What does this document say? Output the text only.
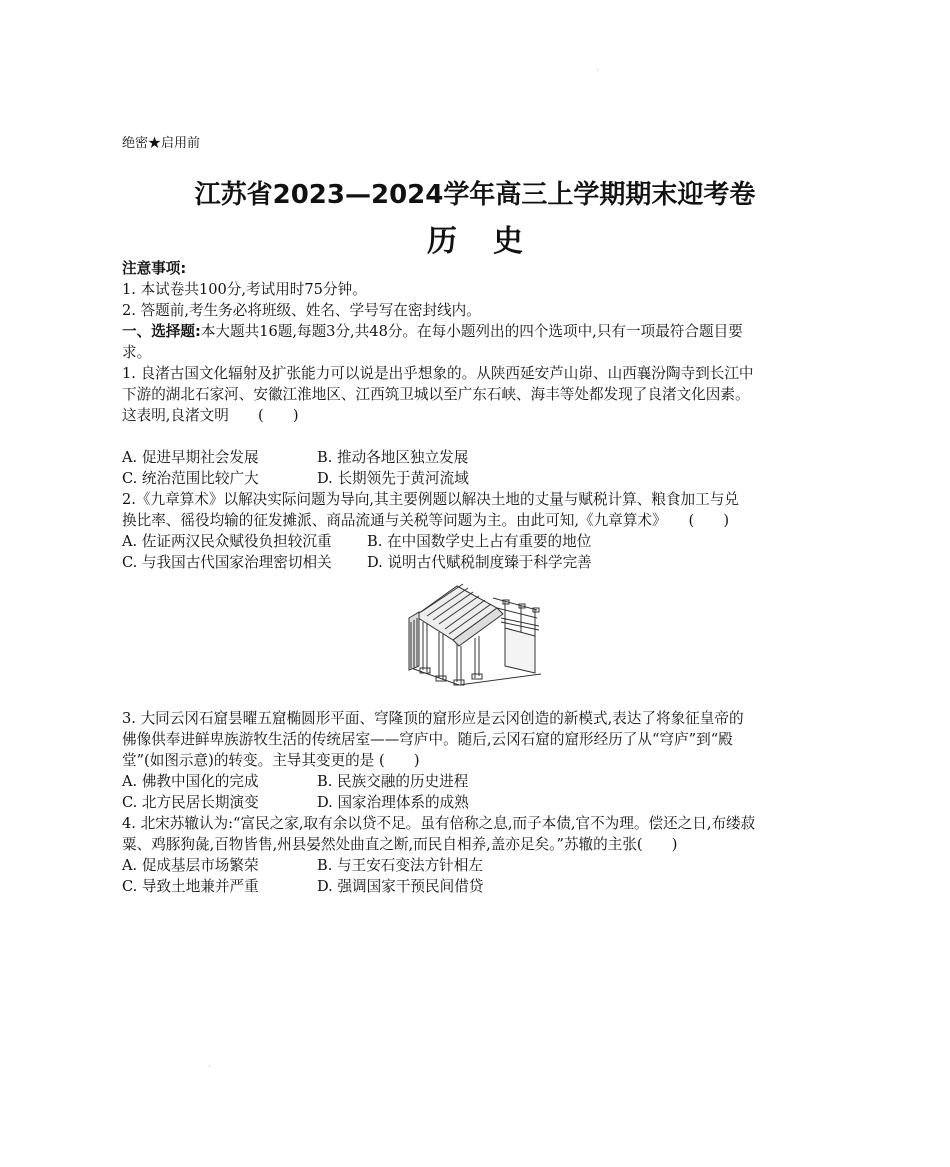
·
·
绝密★启用前
江苏省2023—2024学年高三上学期期末迎考卷
历史
注意事项:
1. 本试卷共100分,考试用时75分钟。
2. 答题前,考生务必将班级、姓名、学号写在密封线内。
一、选择题:本大题共16题,每题3分,共48分。在每小题列出的四个选项中,只有一项最符合题目要
求。
1. 良渚古国文化辐射及扩张能力可以说是出乎想象的。从陕西延安芦山峁、山西襄汾陶寺到长江中
下游的湖北石家河、安徽江淮地区、江西筑卫城以至广东石峡、海丰等处都发现了良渚文化因素。
这表明,良渚文明　　(　　)
A. 促进早期社会发展	B. 推动各地区独立发展
C. 统治范围比较广大	D. 长期领先于黄河流域
2.《九章算术》以解决实际问题为导向,其主要例题以解决土地的丈量与赋税计算、粮食加工与兑
换比率、徭役均输的征发摊派、商品流通与关税等问题为主。由此可知,《九章算术》　　(　　)
A. 佐证两汉民众赋役负担较沉重 B. 在中国数学史上占有重要的地位
C. 与我国古代国家治理密切相关 D. 说明古代赋税制度臻于科学完善
3. 大同云冈石窟昙曜五窟椭圆形平面、穹隆顶的窟形应是云冈创造的新模式,表达了将象征皇帝的
佛像供奉进鲜卑族游牧生活的传统居室——穹庐中。随后,云冈石窟的窟形经历了从“穹庐”到“殿
堂”(如图示意)的转变。主导其变更的是 (　　)
A. 佛教中国化的完成	B. 民族交融的历史进程
C. 北方民居长期演变	D. 国家治理体系的成熟
4. 北宋苏辙认为:“富民之家,取有余以贷不足。虽有倍称之息,而子本债,官不为理。偿还之日,布缕菽
粟、鸡豚狗彘,百物皆售,州县晏然处曲直之断,而民自相养,盖亦足矣。”苏辙的主张(　　)
A. 促成基层市场繁荣	B. 与王安石变法方针相左
C. 导致土地兼并严重	D. 强调国家干预民间借贷
